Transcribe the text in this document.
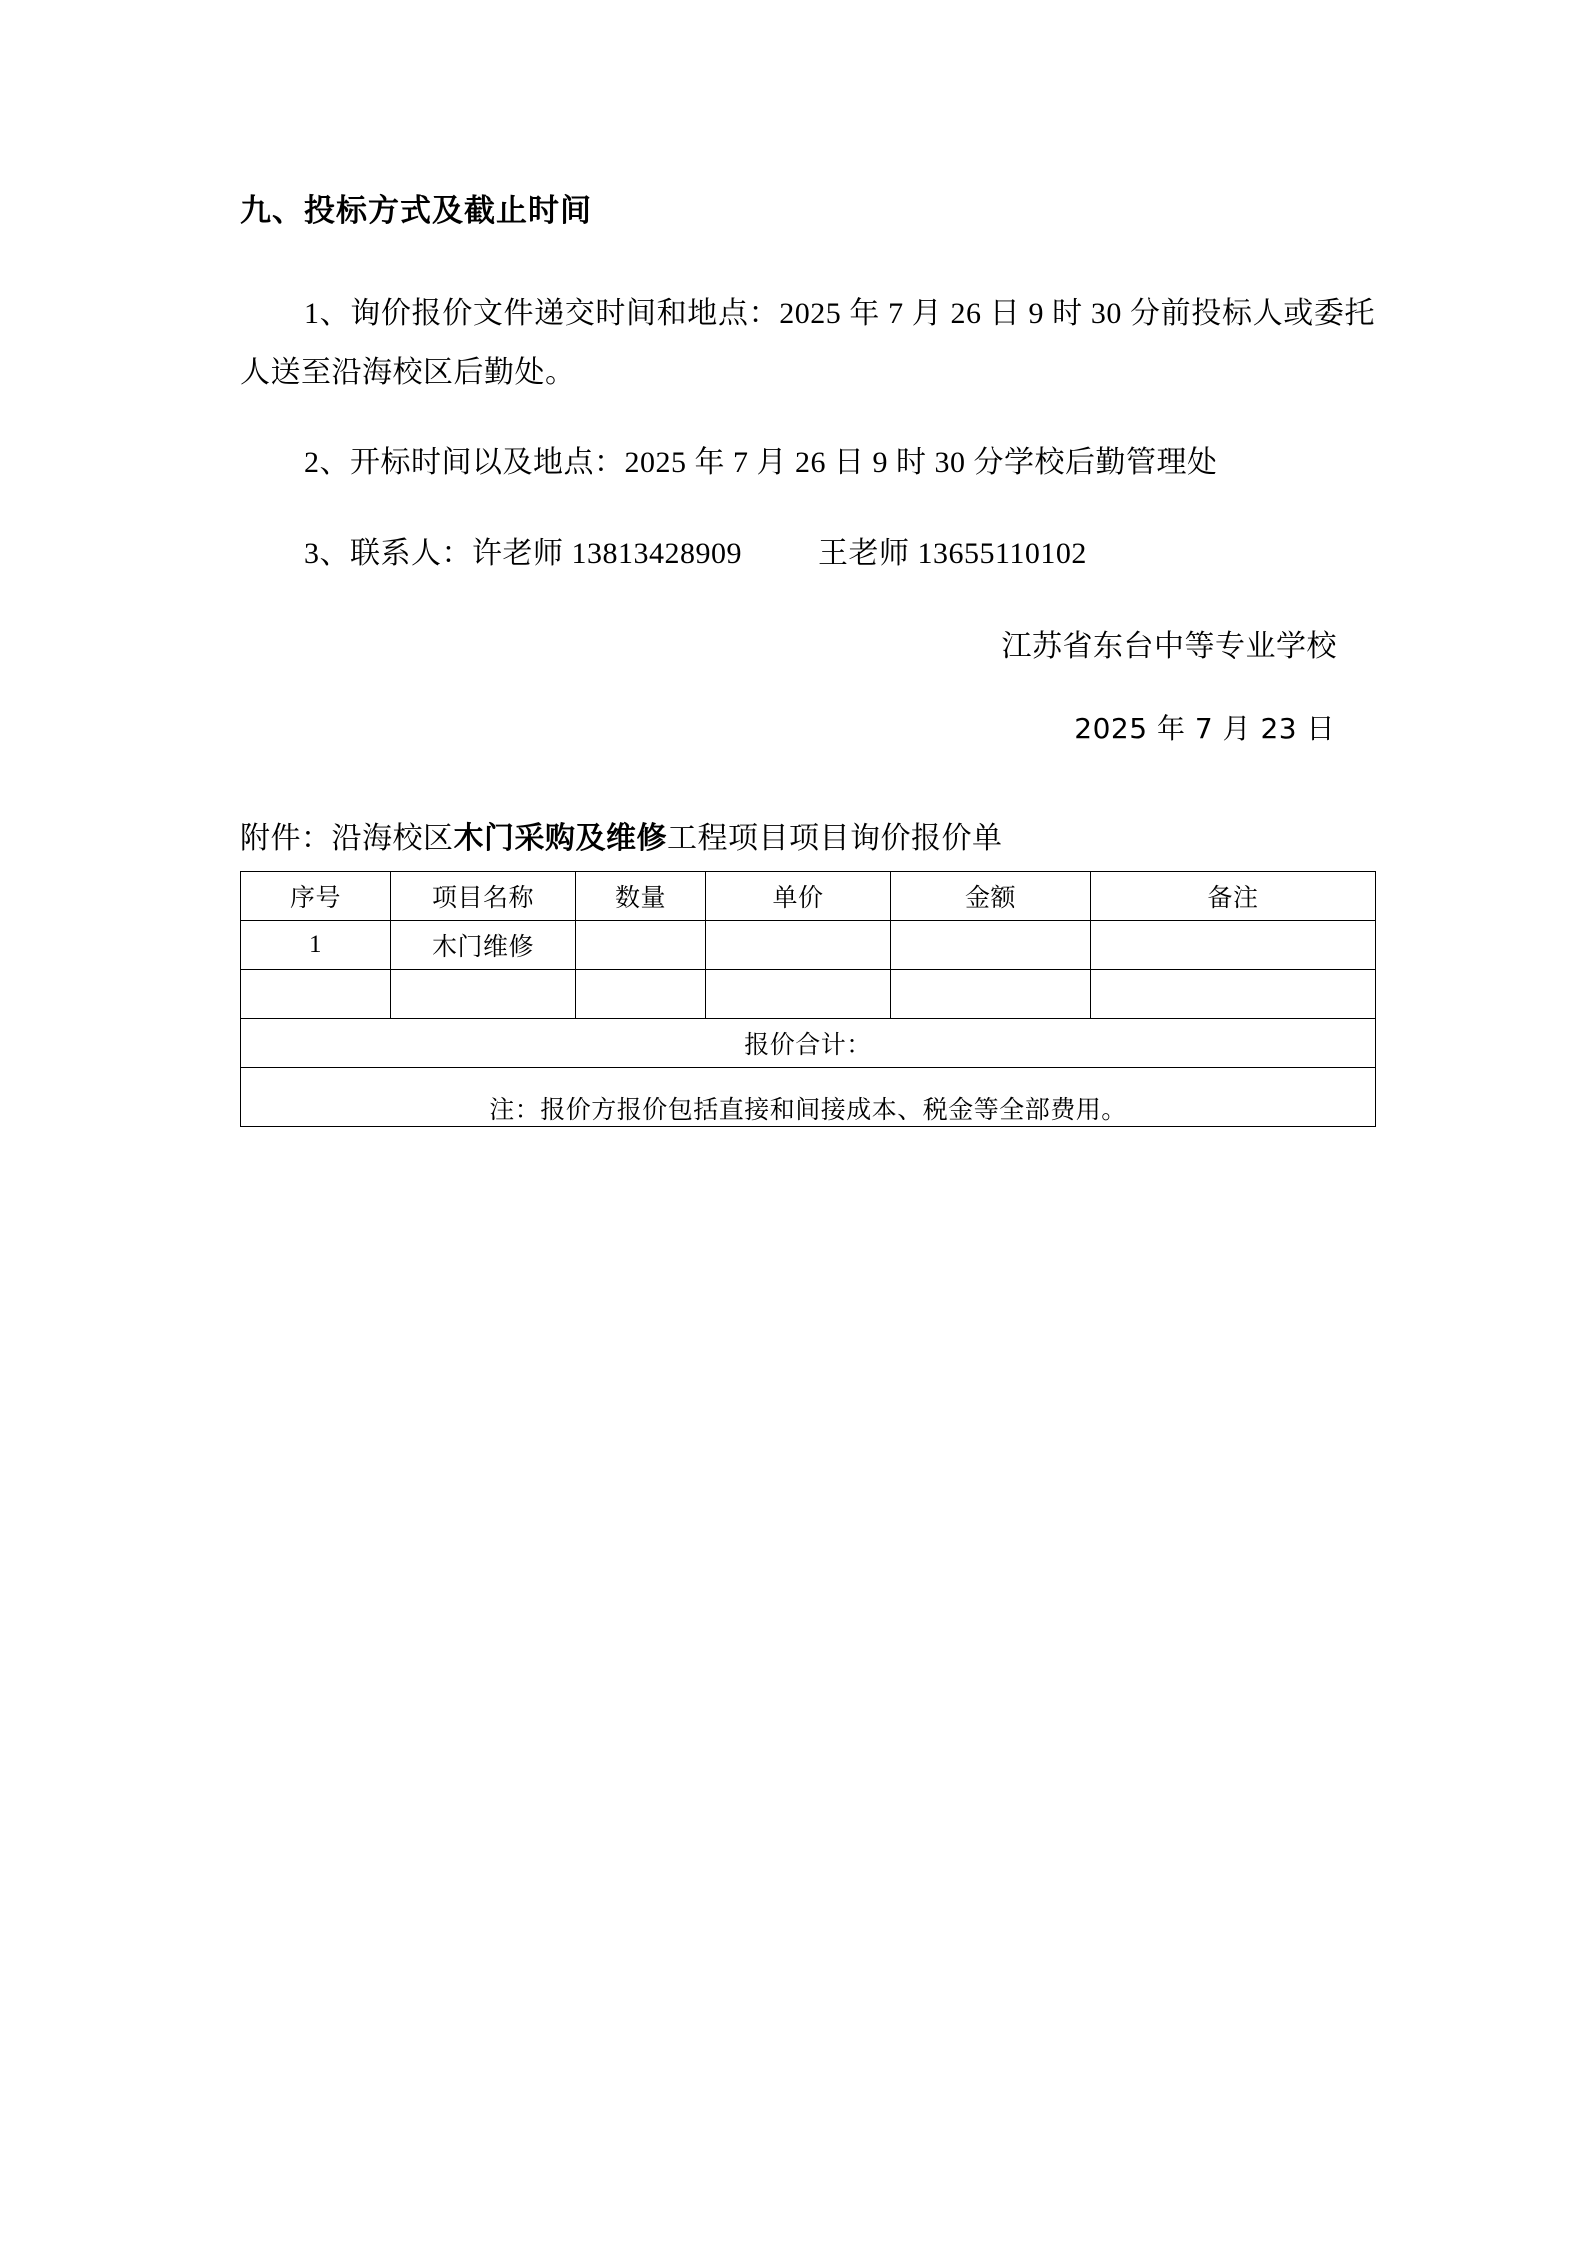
九、投标方式及截止时间

1、询价报价文件递交时间和地点：2025 年 7 月 26 日 9 时 30 分前投标人或委托人送至沿海校区后勤处。

2、开标时间以及地点：2025 年 7 月 26 日 9 时 30 分学校后勤管理处

3、联系人：许老师 13813428909	王老师 13655110102

江苏省东台中等专业学校
2025 年 7 月 23 日
附件：沿海校区木门采购及维修工程项目项目询价报价单
序号	项目名称	数量	单价	金额	备注
1	木门维修				

报价合计：					

注：报价方报价包括直接和间接成本、税金等全部费用。					
